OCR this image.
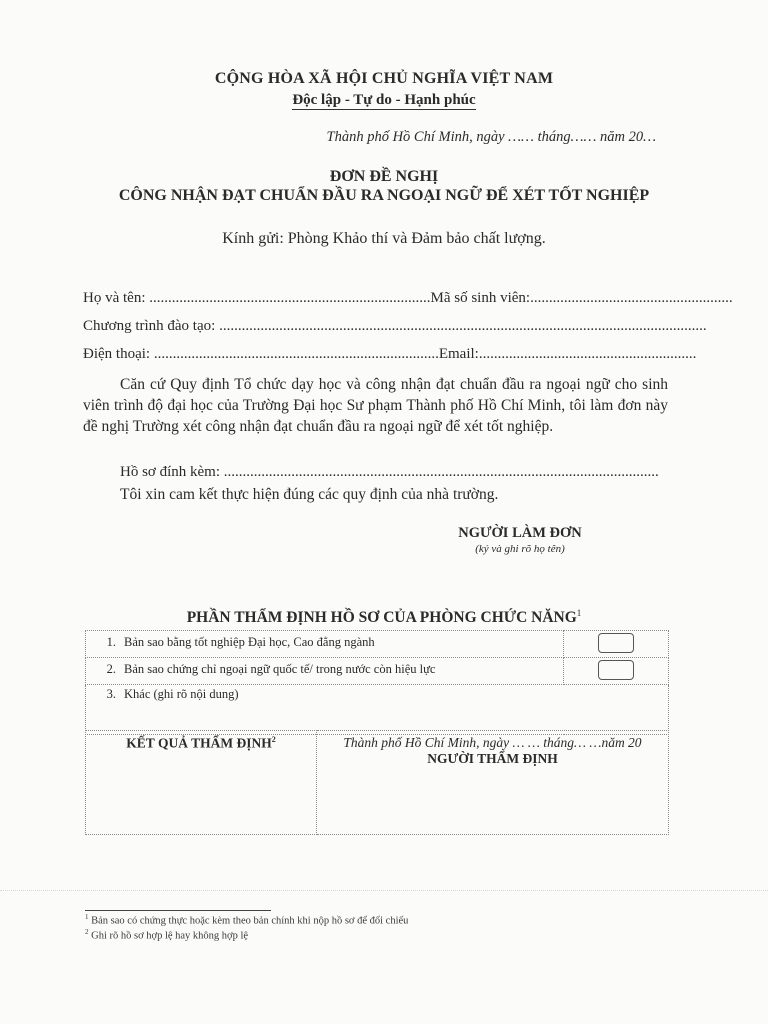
CỘNG HÒA XÃ HỘI CHỦ NGHĨA VIỆT NAM
Độc lập - Tự do - Hạnh phúc
Thành phố Hồ Chí Minh, ngày …… tháng…… năm 20…
ĐƠN ĐỀ NGHỊ
CÔNG NHẬN ĐẠT CHUẨN ĐẦU RA NGOẠI NGỮ ĐỂ XÉT TỐT NGHIỆP
Kính gửi: Phòng Khảo thí và Đảm bảo chất lượng.
Họ và tên: ...........................................................................Mã số sinh viên:......................................................
Chương trình đào tạo: ..................................................................................................................................
Điện thoại: ............................................................................Email:..........................................................
Căn cứ Quy định Tổ chức dạy học và công nhận đạt chuẩn đầu ra ngoại ngữ cho sinh viên trình độ đại học của Trường Đại học Sư phạm Thành phố Hồ Chí Minh, tôi làm đơn này đề nghị Trường xét công nhận đạt chuẩn đầu ra ngoại ngữ để xét tốt nghiệp.
Hồ sơ đính kèm: ....................................................................................................................
Tôi xin cam kết thực hiện đúng các quy định của nhà trường.
NGƯỜI LÀM ĐƠN
(ký và ghi rõ họ tên)
PHẦN THẨM ĐỊNH HỒ SƠ CỦA PHÒNG CHỨC NĂNG$^1$
1. Bản sao bằng tốt nghiệp Đại học, Cao đẳng ngành	
2. Bản sao chứng chỉ ngoại ngữ quốc tế/ trong nước còn hiệu lực	
3. Khác (ghi rõ nội dung)	
KẾT QUẢ THẨM ĐỊNH$^2$	Thành phố Hồ Chí Minh, ngày … … tháng… …năm 20
NGƯỜI THẨM ĐỊNH
$^1$ Bản sao có chứng thực hoặc kèm theo bản chính khi nộp hồ sơ để đối chiếu
$^2$ Ghi rõ hồ sơ hợp lệ hay không hợp lệ
